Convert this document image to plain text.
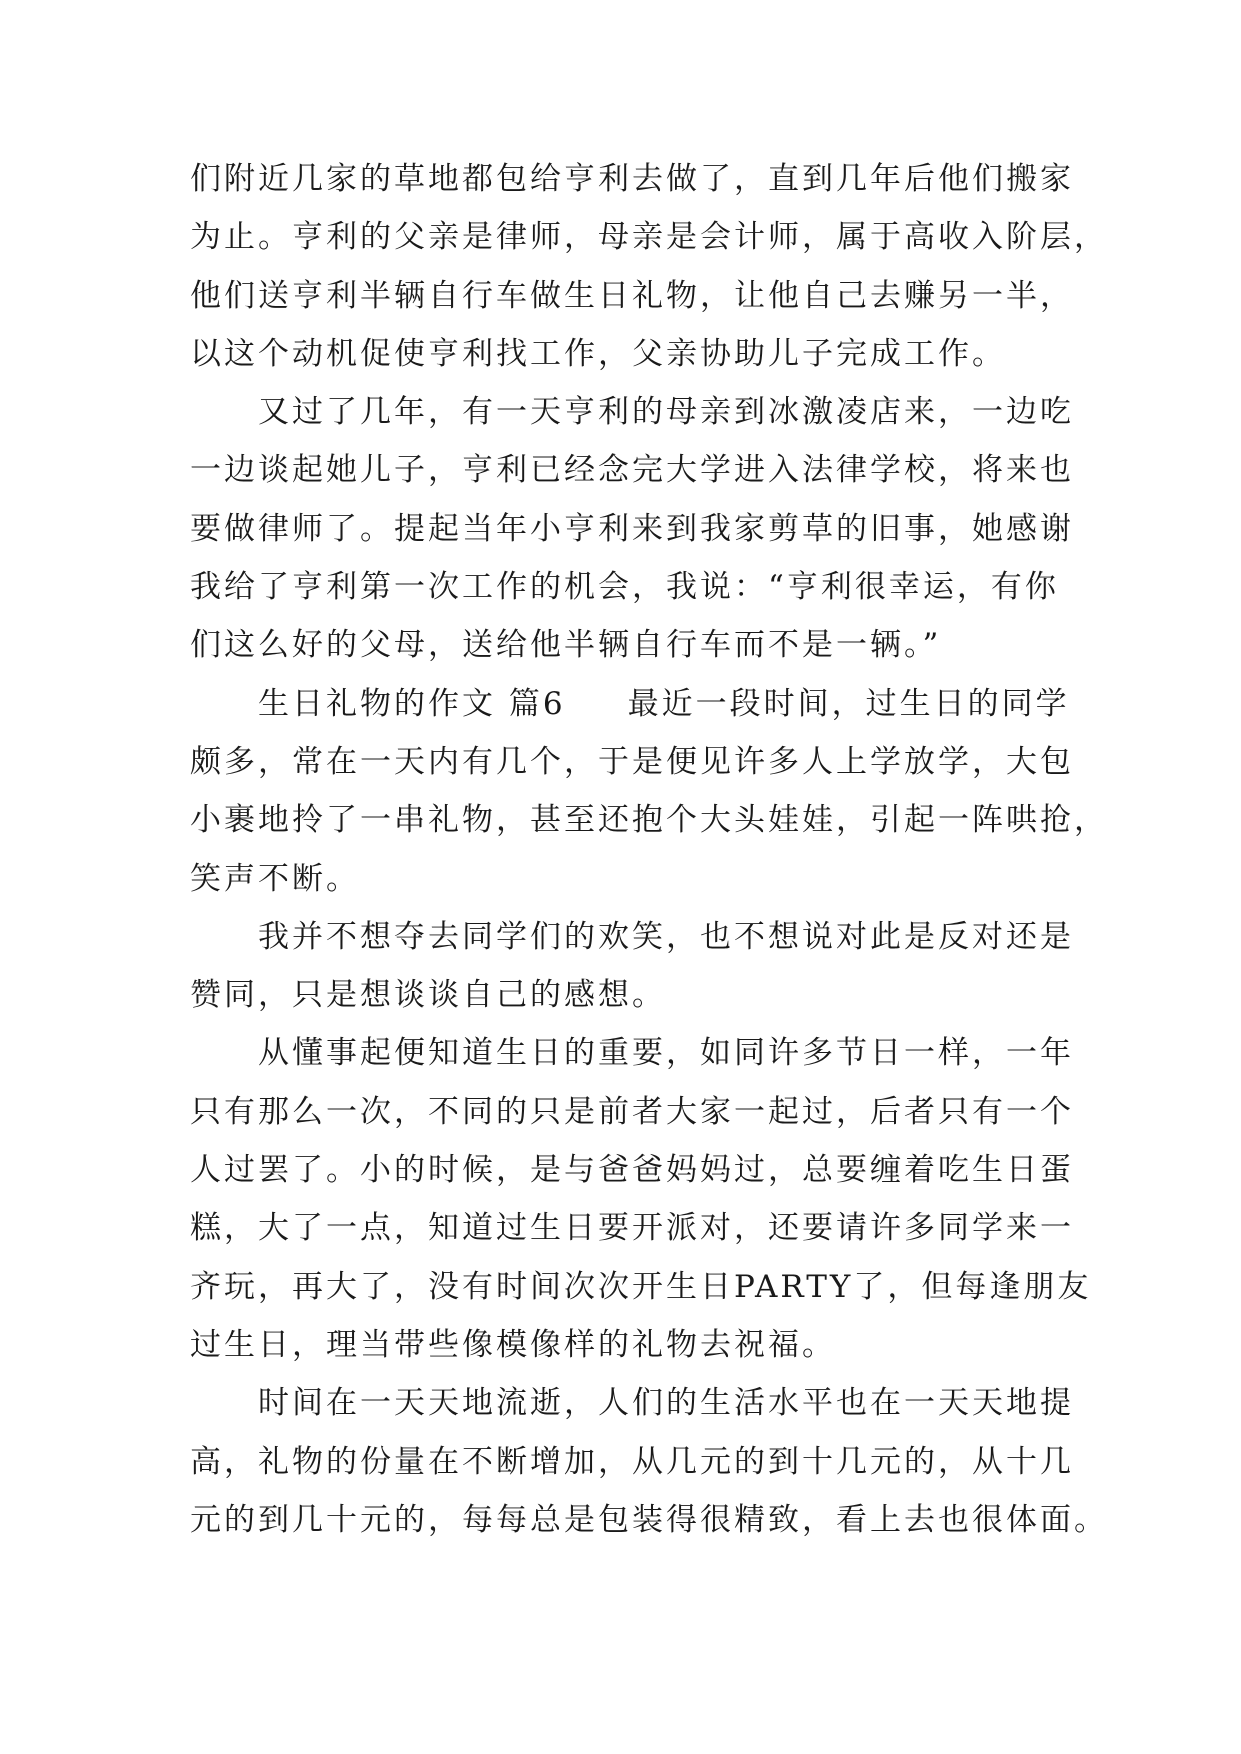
们附近几家的草地都包给亨利去做了，直到几年后他们搬家
为止。亨利的父亲是律师，母亲是会计师，属于高收入阶层，
他们送亨利半辆自行车做生日礼物，让他自己去赚另一半，
以这个动机促使亨利找工作，父亲协助儿子完成工作。
又过了几年，有一天亨利的母亲到冰激凌店来，一边吃
一边谈起她儿子，亨利已经念完大学进入法律学校，将来也
要做律师了。提起当年小亨利来到我家剪草的旧事，她感谢
我给了亨利第一次工作的机会，我说：“亨利很幸运，有你
们这么好的父母，送给他半辆自行车而不是一辆。”
生日礼物的作文 篇6 最近一段时间，过生日的同学
颇多，常在一天内有几个，于是便见许多人上学放学，大包
小裹地拎了一串礼物，甚至还抱个大头娃娃，引起一阵哄抢，
笑声不断。
我并不想夺去同学们的欢笑，也不想说对此是反对还是
赞同，只是想谈谈自己的感想。
从懂事起便知道生日的重要，如同许多节日一样，一年
只有那么一次，不同的只是前者大家一起过，后者只有一个
人过罢了。小的时候，是与爸爸妈妈过，总要缠着吃生日蛋
糕，大了一点，知道过生日要开派对，还要请许多同学来一
齐玩，再大了，没有时间次次开生日PARTY了，但每逢朋友
过生日，理当带些像模像样的礼物去祝福。
时间在一天天地流逝，人们的生活水平也在一天天地提
高，礼物的份量在不断增加，从几元的到十几元的，从十几
元的到几十元的，每每总是包装得很精致，看上去也很体面。
